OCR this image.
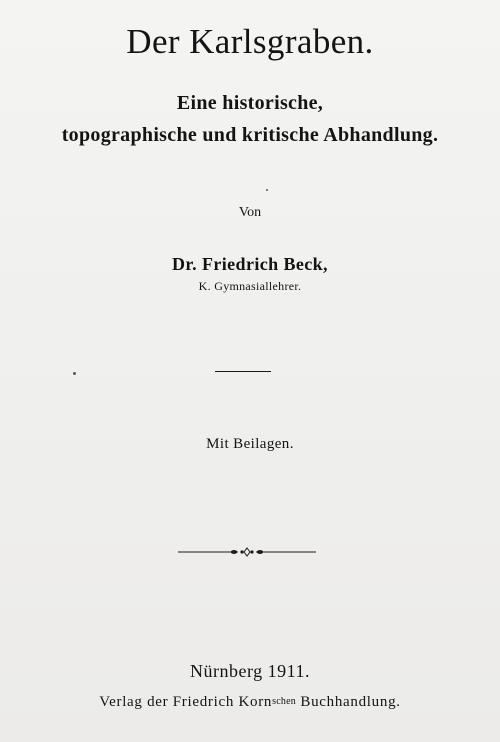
Der Karlsgraben.
Eine historische,
topographische und kritische Abhandlung.
Von
Dr. Friedrich Beck,
K. Gymnasiallehrer.
Mit Beilagen.
Nürnberg 1911.
Verlag der Friedrich Kornschen Buchhandlung.
